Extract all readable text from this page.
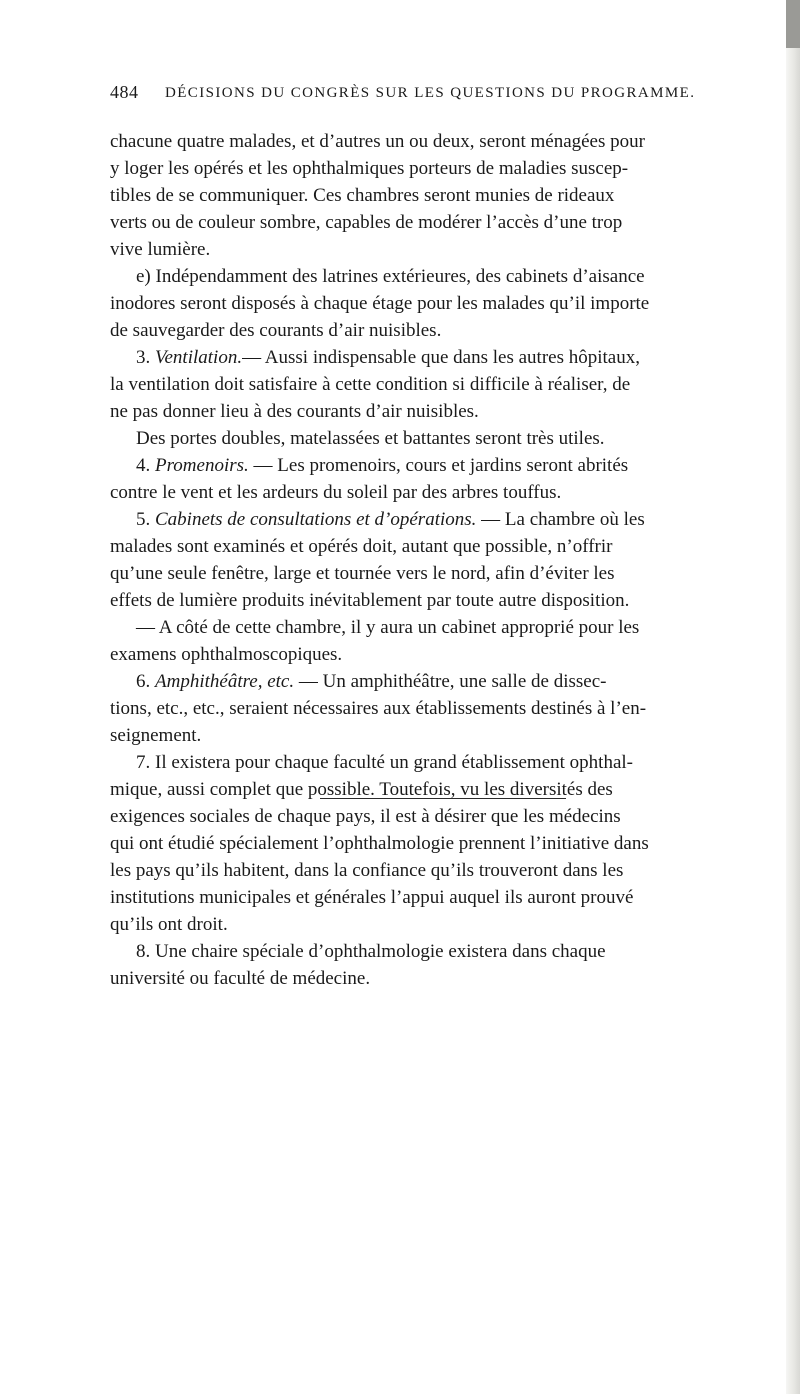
484 DÉCISIONS DU CONGRÈS SUR LES QUESTIONS DU PROGRAMME.

chacune quatre malades, et d’autres un ou deux, seront ménagées pour

y loger les opérés et les ophthalmiques porteurs de maladies suscep-

tibles de se communiquer. Ces chambres seront munies de rideaux

verts ou de couleur sombre, capables de modérer l’accès d’une trop

vive lumière.

e) Indépendamment des latrines extérieures, des cabinets d’aisance

inodores seront disposés à chaque étage pour les malades qu’il importe

de sauvegarder des courants d’air nuisibles.

3. Ventilation.— Aussi indispensable que dans les autres hôpitaux,

la ventilation doit satisfaire à cette condition si difficile à réaliser, de

ne pas donner lieu à des courants d’air nuisibles.

Des portes doubles, matelassées et battantes seront très utiles.

4. Promenoirs. — Les promenoirs, cours et jardins seront abrités

contre le vent et les ardeurs du soleil par des arbres touffus.

5. Cabinets de consultations et d’opérations. — La chambre où les

malades sont examinés et opérés doit, autant que possible, n’offrir

qu’une seule fenêtre, large et tournée vers le nord, afin d’éviter les

effets de lumière produits inévitablement par toute autre disposition.

— A côté de cette chambre, il y aura un cabinet approprié pour les

examens ophthalmoscopiques.

6. Amphithéâtre, etc. — Un amphithéâtre, une salle de dissec-

tions, etc., etc., seraient nécessaires aux établissements destinés à l’en-

seignement.

7. Il existera pour chaque faculté un grand établissement ophthal-

mique, aussi complet que possible. Toutefois, vu les diversités des

exigences sociales de chaque pays, il est à désirer que les médecins

qui ont étudié spécialement l’ophthalmologie prennent l’initiative dans

les pays qu’ils habitent, dans la confiance qu’ils trouveront dans les

institutions municipales et générales l’appui auquel ils auront prouvé

qu’ils ont droit.

8. Une chaire spéciale d’ophthalmologie existera dans chaque

université ou faculté de médecine.
